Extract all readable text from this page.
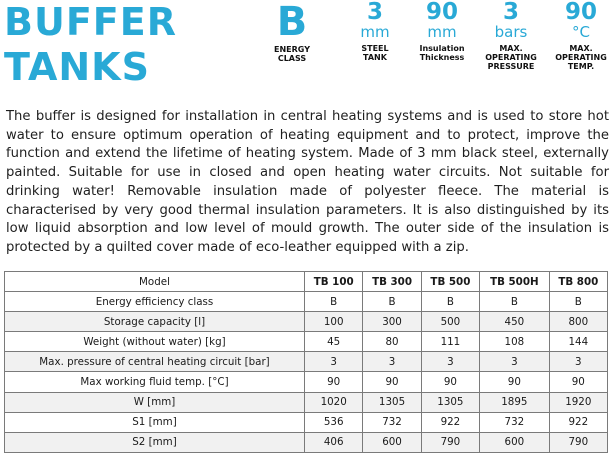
BUFFER
TANKS
B
ENERGY
CLASS
3
mm
STEEL
TANK
90
mm
Insulation
Thickness
3
bars
MAX.
OPERATING
PRESSURE
90
°C
MAX.
OPERATING
TEMP.

The buffer is designed for installation in central heating systems and is used to store hot water to ensure optimum operation of heating equipment and to protect, improve the function and extend the lifetime of heating system. Made of 3 mm black steel, externally painted. Suitable for use in closed and open heating water circuits. Not suitable for drinking water! Removable insulation made of polyester fleece. The material is characterised by very good thermal insulation parameters. It is also distinguished by its low liquid absorption and low level of mould growth. The outer side of the insulation is protected by a quilted cover made of eco-leather equipped with a zip.

Model	TB 100	TB 300	TB 500	TB 500H	TB 800
Energy efficiency class	B	B	B	B	B
Storage capacity [l]	100	300	500	450	800
Weight (without water) [kg]	45	80	111	108	144
Max. pressure of central heating circuit [bar]	3	3	3	3	3
Max working fluid temp. [°C]	90	90	90	90	90
W [mm]	1020	1305	1305	1895	1920
S1 [mm]	536	732	922	732	922
S2 [mm]	406	600	790	600	790
